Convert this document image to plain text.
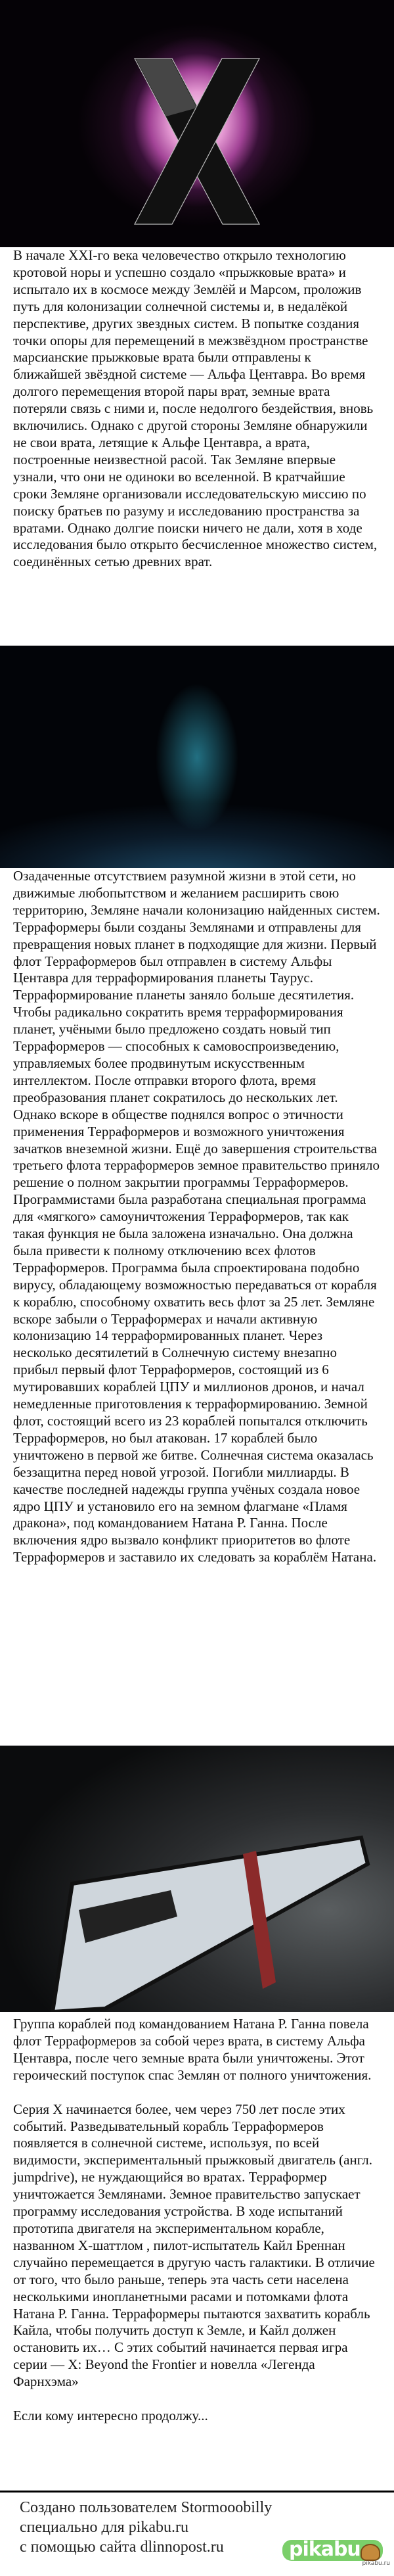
В начале XXI-го века человечество открыло технологию кротовой норы и успешно создало «прыжковые врата» и испытало их в космосе между Землёй и Марсом, проложив путь для колонизации солнечной системы и, в недалёкой перспективе, других звездных систем. В попытке создания точки опоры для перемещений в межзвёздном пространстве марсианские прыжковые врата были отправлены к ближайшей звёздной системе — Альфа Центавра. Во время долгого перемещения второй пары врат, земные врата потеряли связь с ними и, после недолгого бездействия, вновь включились. Однако с другой стороны Земляне обнаружили не свои врата, летящие к Альфе Центавра, а врата, построенные неизвестной расой. Так Земляне впервые узнали, что они не одиноки во вселенной. В кратчайшие сроки Земляне организовали исследовательскую миссию по поиску братьев по разуму и исследованию пространства за вратами. Однако долгие поиски ничего не дали, хотя в ходе исследования было открыто бесчисленное множество систем, соединённых сетью древних врат.

Озадаченные отсутствием разумной жизни в этой сети, но движимые любопытством и желанием расширить свою территорию, Земляне начали колонизацию найденных систем. Терраформеры были созданы Землянами и отправлены для превращения новых планет в подходящие для жизни. Первый флот Терраформеров был отправлен в систему Альфы Центавра для терраформирования планеты Таурус. Терраформирование планеты заняло больше десятилетия. Чтобы радикально сократить время терраформирования планет, учёными было предложено создать новый тип Терраформеров — способных к самовоспроизведению, управляемых более продвинутым искусственным интеллектом. После отправки второго флота, время преобразования планет сократилось до нескольких лет. Однако вскоре в обществе поднялся вопрос о этичности применения Терраформеров и возможного уничтожения зачатков внеземной жизни. Ещё до завершения строительства третьего флота терраформеров земное правительство приняло решение о полном закрытии программы Терраформеров. Программистами была разработана специальная программа для «мягкого» самоуничтожения Терраформеров, так как такая функция не была заложена изначально. Она должна была привести к полному отключению всех флотов Терраформеров. Программа была спроектирована подобно вирусу, обладающему возможностью передаваться от корабля к кораблю, способному охватить весь флот за 25 лет. Земляне вскоре забыли о Терраформерах и начали активную колонизацию 14 терраформированных планет. Через несколько десятилетий в Солнечную систему внезапно прибыл первый флот Терраформеров, состоящий из 6 мутировавших кораблей ЦПУ и миллионов дронов, и начал немедленные приготовления к терраформированию. Земной флот, состоящий всего из 23 кораблей попытался отключить Терраформеров, но был атакован. 17 кораблей было уничтожено в первой же битве. Солнечная система оказалась беззащитна перед новой угрозой. Погибли миллиарды. В качестве последней надежды группа учёных создала новое ядро ЦПУ и установило его на земном флагмане «Пламя дракона», под командованием Натана Р. Ганна. После включения ядро вызвало конфликт приоритетов во флоте Терраформеров и заставило их следовать за кораблём Натана.

Группа кораблей под командованием Натана Р. Ганна повела флот Терраформеров за собой через врата, в систему Альфа Центавра, после чего земные врата были уничтожены. Этот героический поступок спас Землян от полного уничтожения.

Серия X начинается более, чем через 750 лет после этих событий. Разведывательный корабль Терраформеров появляется в солнечной системе, используя, по всей видимости, экспериментальный прыжковый двигатель (англ. jumpdrive), не нуждающийся во вратах. Терраформер уничтожается Землянами. Земное правительство запускает программу исследования устройства. В ходе испытаний прототипа двигателя на экспериментальном корабле, названном X-шаттлом , пилот-испытатель Кайл Бреннан случайно перемещается в другую часть галактики. В отличие от того, что было раньше, теперь эта часть сети населена несколькими инопланетными расами и потомками флота Натана Р. Ганна. Терраформеры пытаются захватить корабль Кайла, чтобы получить доступ к Земле, и Кайл должен остановить их… С этих событий начинается первая игра серии — X: Beyond the Frontier и новелла «Легенда Фарнхэма»

Если кому интересно продолжу...

Создано пользователем Stormooobilly
специально для pikabu.ru
с помощью сайта dlinnopost.ru	pikabu
pikabu.ru
